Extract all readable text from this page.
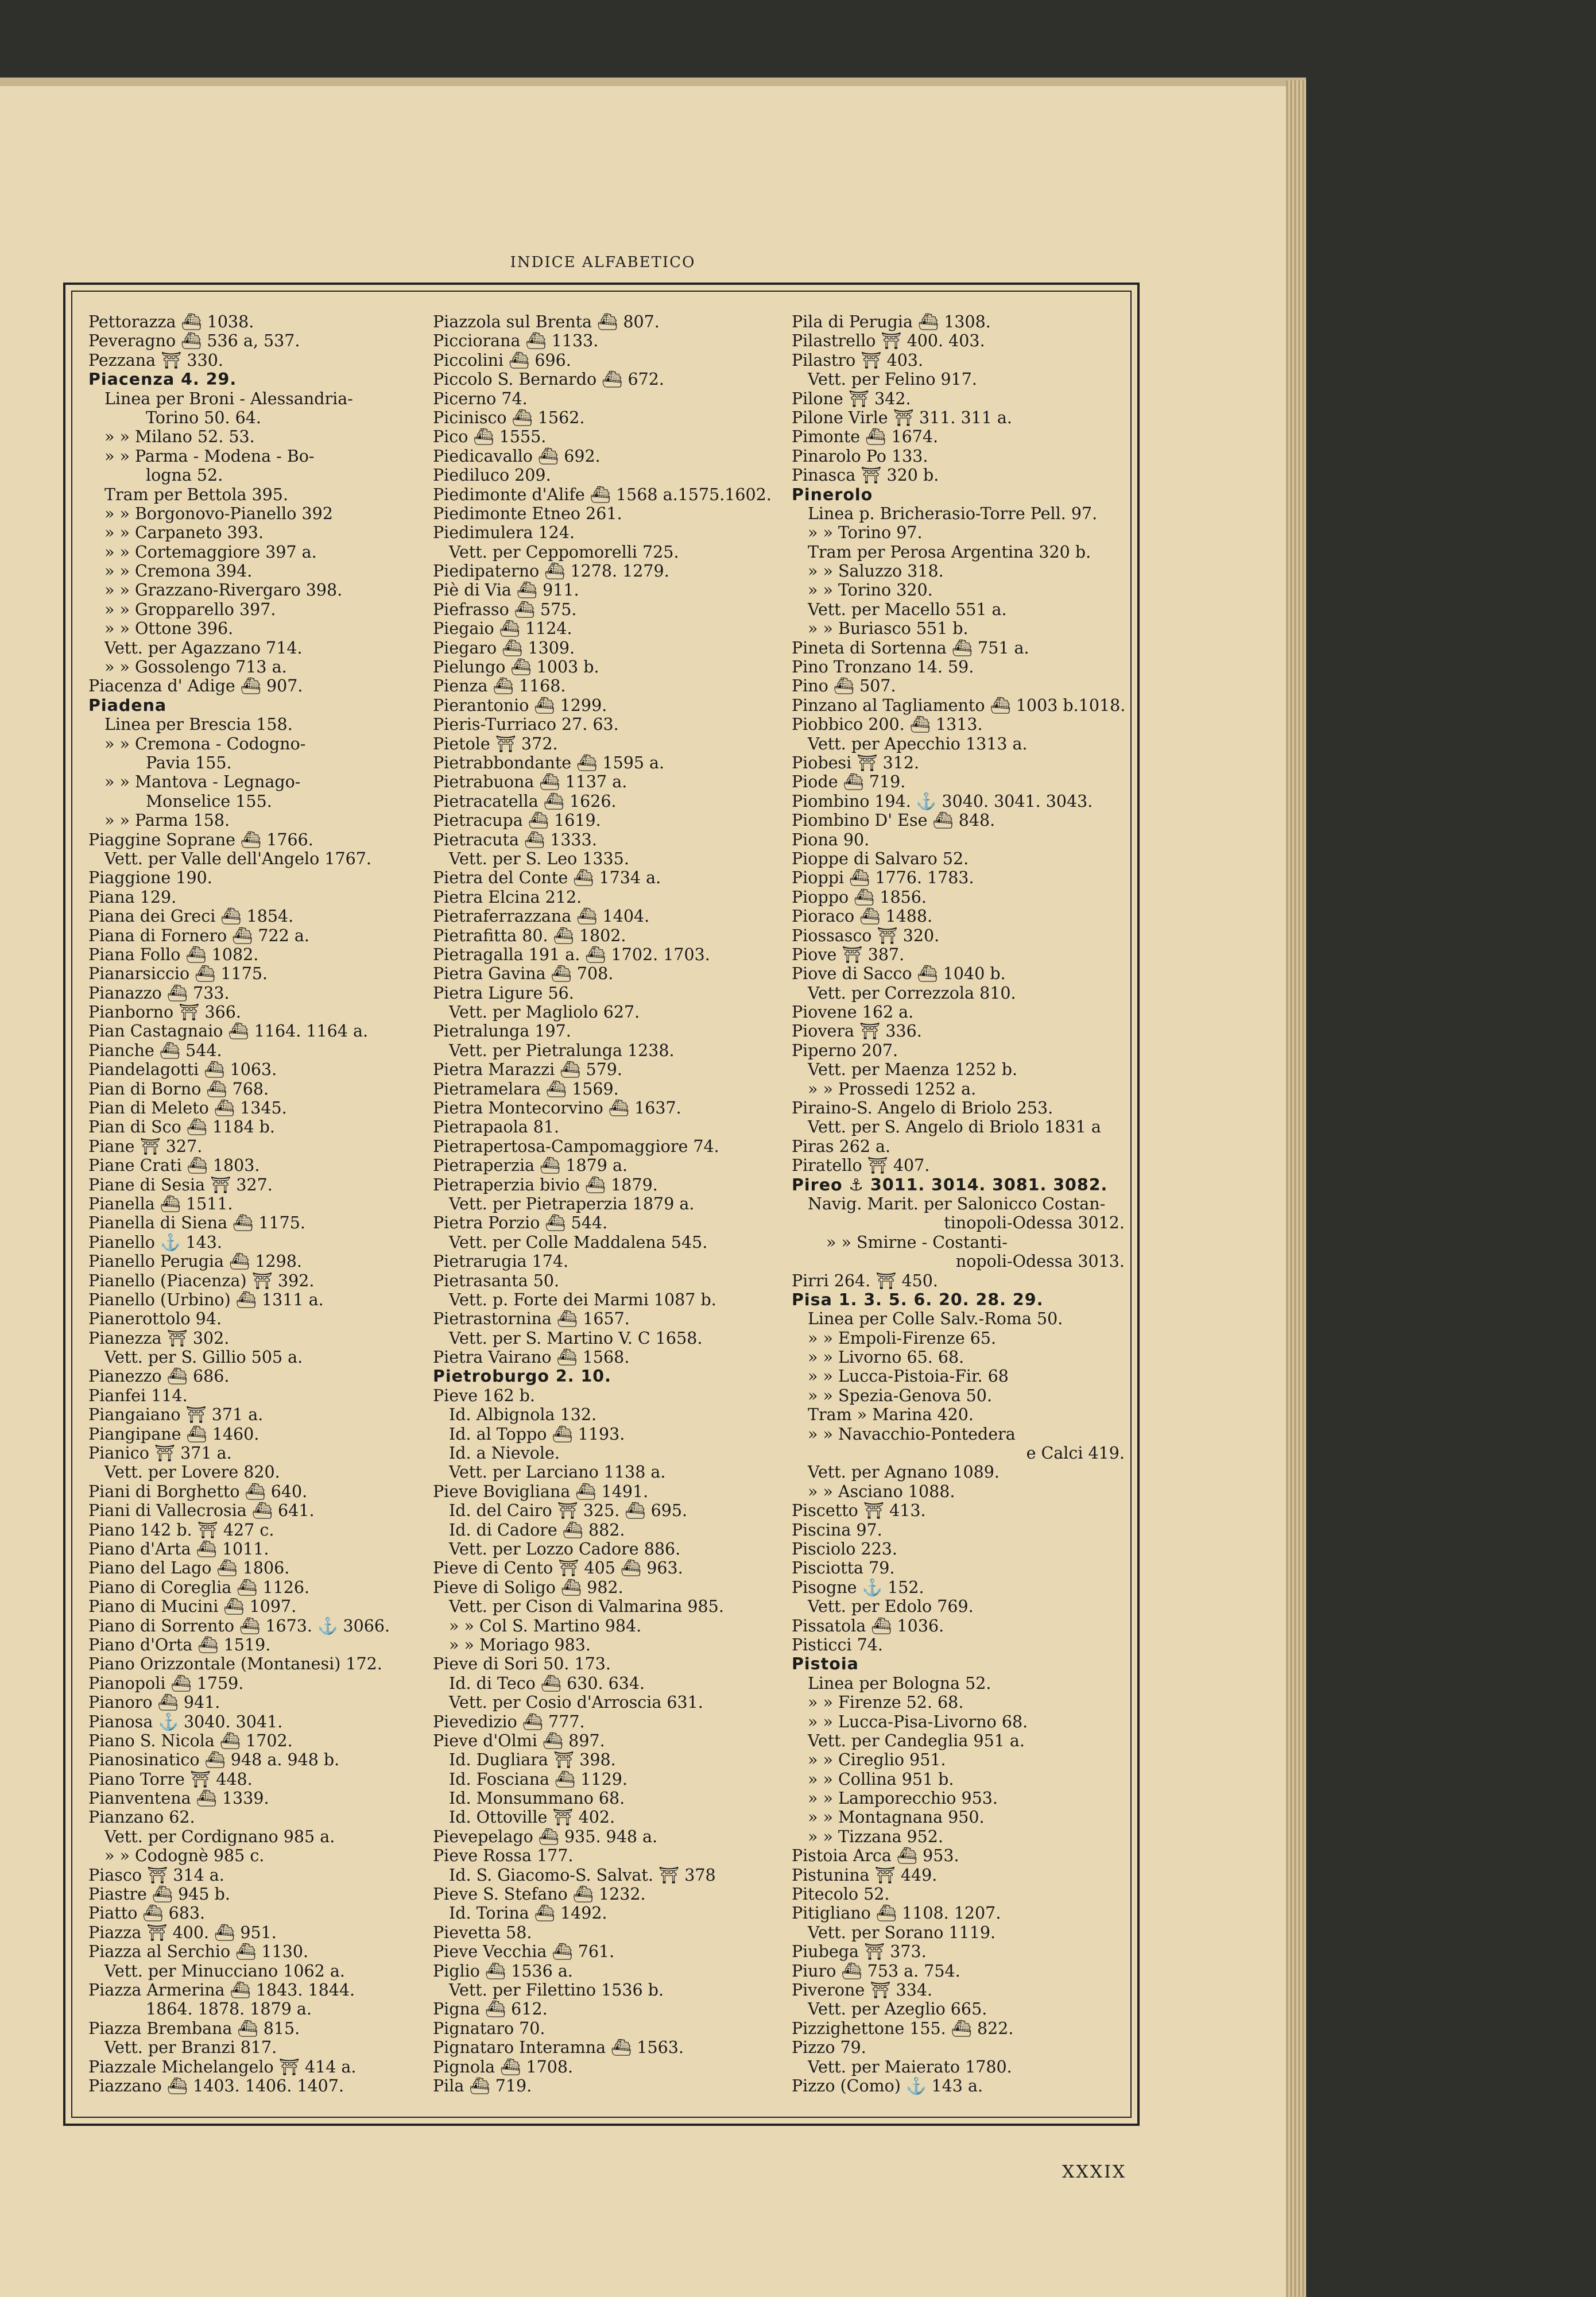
INDICE ALFABETICO
Pettorazza ⛴ 1038.
Peveragno ⛴ 536 a, 537.
Pezzana ⛩ 330.
Piacenza 4. 29.
Linea per Broni - Alessandria-
Torino 50. 64.
» » Milano 52. 53.
» » Parma - Modena - Bo-
logna 52.
Tram per Bettola 395.
» » Borgonovo-Pianello 392
» » Carpaneto 393.
» » Cortemaggiore 397 a.
» » Cremona 394.
» » Grazzano-Rivergaro 398.
» » Gropparello 397.
» » Ottone 396.
Vett. per Agazzano 714.
» » Gossolengo 713 a.
Piacenza d' Adige ⛴ 907.
Piadena
Linea per Brescia 158.
» » Cremona - Codogno-
Pavia 155.
» » Mantova - Legnago-
Monselice 155.
» » Parma 158.
Piaggine Soprane ⛴ 1766.
Vett. per Valle dell'Angelo 1767.
Piaggione 190.
Piana 129.
Piana dei Greci ⛴ 1854.
Piana di Fornero ⛴ 722 a.
Piana Follo ⛴ 1082.
Pianarsiccio ⛴ 1175.
Pianazzo ⛴ 733.
Pianborno ⛩ 366.
Pian Castagnaio ⛴ 1164. 1164 a.
Pianche ⛴ 544.
Piandelagotti ⛴ 1063.
Pian di Borno ⛴ 768.
Pian di Meleto ⛴ 1345.
Pian di Sco ⛴ 1184 b.
Piane ⛩ 327.
Piane Crati ⛴ 1803.
Piane di Sesia ⛩ 327.
Pianella ⛴ 1511.
Pianella di Siena ⛴ 1175.
Pianello ⚓ 143.
Pianello Perugia ⛴ 1298.
Pianello (Piacenza) ⛩ 392.
Pianello (Urbino) ⛴ 1311 a.
Pianerottolo 94.
Pianezza ⛩ 302.
Vett. per S. Gillio 505 a.
Pianezzo ⛴ 686.
Pianfei 114.
Piangaiano ⛩ 371 a.
Piangipane ⛴ 1460.
Pianico ⛩ 371 a.
Vett. per Lovere 820.
Piani di Borghetto ⛴ 640.
Piani di Vallecrosia ⛴ 641.
Piano 142 b. ⛩ 427 c.
Piano d'Arta ⛴ 1011.
Piano del Lago ⛴ 1806.
Piano di Coreglia ⛴ 1126.
Piano di Mucini ⛴ 1097.
Piano di Sorrento ⛴ 1673. ⚓ 3066.
Piano d'Orta ⛴ 1519.
Piano Orizzontale (Montanesi) 172.
Pianopoli ⛴ 1759.
Pianoro ⛴ 941.
Pianosa ⚓ 3040. 3041.
Piano S. Nicola ⛴ 1702.
Pianosinatico ⛴ 948 a. 948 b.
Piano Torre ⛩ 448.
Pianventena ⛴ 1339.
Pianzano 62.
Vett. per Cordignano 985 a.
» » Codognè 985 c.
Piasco ⛩ 314 a.
Piastre ⛴ 945 b.
Piatto ⛴ 683.
Piazza ⛩ 400. ⛴ 951.
Piazza al Serchio ⛴ 1130.
Vett. per Minucciano 1062 a.
Piazza Armerina ⛴ 1843. 1844.
1864. 1878. 1879 a.
Piazza Brembana ⛴ 815.
Vett. per Branzi 817.
Piazzale Michelangelo ⛩ 414 a.
Piazzano ⛴ 1403. 1406. 1407.
Piazzola sul Brenta ⛴ 807.
Picciorana ⛴ 1133.
Piccolini ⛴ 696.
Piccolo S. Bernardo ⛴ 672.
Picerno 74.
Picinisco ⛴ 1562.
Pico ⛴ 1555.
Piedicavallo ⛴ 692.
Piediluco 209.
Piedimonte d'Alife ⛴ 1568 a.1575.1602.
Piedimonte Etneo 261.
Piedimulera 124.
Vett. per Ceppomorelli 725.
Piedipaterno ⛴ 1278. 1279.
Piè di Via ⛴ 911.
Piefrasso ⛴ 575.
Piegaio ⛴ 1124.
Piegaro ⛴ 1309.
Pielungo ⛴ 1003 b.
Pienza ⛴ 1168.
Pierantonio ⛴ 1299.
Pieris-Turriaco 27. 63.
Pietole ⛩ 372.
Pietrabbondante ⛴ 1595 a.
Pietrabuona ⛴ 1137 a.
Pietracatella ⛴ 1626.
Pietracupa ⛴ 1619.
Pietracuta ⛴ 1333.
Vett. per S. Leo 1335.
Pietra del Conte ⛴ 1734 a.
Pietra Elcina 212.
Pietraferrazzana ⛴ 1404.
Pietrafitta 80. ⛴ 1802.
Pietragalla 191 a. ⛴ 1702. 1703.
Pietra Gavina ⛴ 708.
Pietra Ligure 56.
Vett. per Magliolo 627.
Pietralunga 197.
Vett. per Pietralunga 1238.
Pietra Marazzi ⛴ 579.
Pietramelara ⛴ 1569.
Pietra Montecorvino ⛴ 1637.
Pietrapaola 81.
Pietrapertosa-Campomaggiore 74.
Pietraperzia ⛴ 1879 a.
Pietraperzia bivio ⛴ 1879.
Vett. per Pietraperzia 1879 a.
Pietra Porzio ⛴ 544.
Vett. per Colle Maddalena 545.
Pietrarugia 174.
Pietrasanta 50.
Vett. p. Forte dei Marmi 1087 b.
Pietrastornina ⛴ 1657.
Vett. per S. Martino V. C 1658.
Pietra Vairano ⛴ 1568.
Pietroburgo 2. 10.
Pieve 162 b.
Id. Albignola 132.
Id. al Toppo ⛴ 1193.
Id. a Nievole.
Vett. per Larciano 1138 a.
Pieve Bovigliana ⛴ 1491.
Id. del Cairo ⛩ 325. ⛴ 695.
Id. di Cadore ⛴ 882.
Vett. per Lozzo Cadore 886.
Pieve di Cento ⛩ 405 ⛴ 963.
Pieve di Soligo ⛴ 982.
Vett. per Cison di Valmarina 985.
» » Col S. Martino 984.
» » Moriago 983.
Pieve di Sori 50. 173.
Id. di Teco ⛴ 630. 634.
Vett. per Cosio d'Arroscia 631.
Pievedizio ⛴ 777.
Pieve d'Olmi ⛴ 897.
Id. Dugliara ⛩ 398.
Id. Fosciana ⛴ 1129.
Id. Monsummano 68.
Id. Ottoville ⛩ 402.
Pievepelago ⛴ 935. 948 a.
Pieve Rossa 177.
Id. S. Giacomo-S. Salvat. ⛩ 378
Pieve S. Stefano ⛴ 1232.
Id. Torina ⛴ 1492.
Pievetta 58.
Pieve Vecchia ⛴ 761.
Piglio ⛴ 1536 a.
Vett. per Filettino 1536 b.
Pigna ⛴ 612.
Pignataro 70.
Pignataro Interamna ⛴ 1563.
Pignola ⛴ 1708.
Pila ⛴ 719.
Pila di Perugia ⛴ 1308.
Pilastrello ⛩ 400. 403.
Pilastro ⛩ 403.
Vett. per Felino 917.
Pilone ⛩ 342.
Pilone Virle ⛩ 311. 311 a.
Pimonte ⛴ 1674.
Pinarolo Po 133.
Pinasca ⛩ 320 b.
Pinerolo
Linea p. Bricherasio-Torre Pell. 97.
» » Torino 97.
Tram per Perosa Argentina 320 b.
» » Saluzzo 318.
» » Torino 320.
Vett. per Macello 551 a.
» » Buriasco 551 b.
Pineta di Sortenna ⛴ 751 a.
Pino Tronzano 14. 59.
Pino ⛴ 507.
Pinzano al Tagliamento ⛴ 1003 b.1018.
Piobbico 200. ⛴ 1313.
Vett. per Apecchio 1313 a.
Piobesi ⛩ 312.
Piode ⛴ 719.
Piombino 194. ⚓ 3040. 3041. 3043.
Piombino D' Ese ⛴ 848.
Piona 90.
Pioppe di Salvaro 52.
Pioppi ⛴ 1776. 1783.
Pioppo ⛴ 1856.
Pioraco ⛴ 1488.
Piossasco ⛩ 320.
Piove ⛩ 387.
Piove di Sacco ⛴ 1040 b.
Vett. per Correzzola 810.
Piovene 162 a.
Piovera ⛩ 336.
Piperno 207.
Vett. per Maenza 1252 b.
» » Prossedi 1252 a.
Piraino-S. Angelo di Briolo 253.
Vett. per S. Angelo di Briolo 1831 a
Piras 262 a.
Piratello ⛩ 407.
Pireo ⚓ 3011. 3014. 3081. 3082.
Navig. Marit. per Salonicco Costan-
tinopoli-Odessa 3012.
» » Smirne - Costanti-
nopoli-Odessa 3013.
Pirri 264. ⛩ 450.
Pisa 1. 3. 5. 6. 20. 28. 29.
Linea per Colle Salv.-Roma 50.
» » Empoli-Firenze 65.
» » Livorno 65. 68.
» » Lucca-Pistoia-Fir. 68
» » Spezia-Genova 50.
Tram » Marina 420.
» » Navacchio-Pontedera
e Calci 419.
Vett. per Agnano 1089.
» » Asciano 1088.
Piscetto ⛩ 413.
Piscina 97.
Pisciolo 223.
Pisciotta 79.
Pisogne ⚓ 152.
Vett. per Edolo 769.
Pissatola ⛴ 1036.
Pisticci 74.
Pistoia
Linea per Bologna 52.
» » Firenze 52. 68.
» » Lucca-Pisa-Livorno 68.
Vett. per Candeglia 951 a.
» » Cireglio 951.
» » Collina 951 b.
» » Lamporecchio 953.
» » Montagnana 950.
» » Tizzana 952.
Pistoia Arca ⛴ 953.
Pistunina ⛩ 449.
Pitecolo 52.
Pitigliano ⛴ 1108. 1207.
Vett. per Sorano 1119.
Piubega ⛩ 373.
Piuro ⛴ 753 a. 754.
Piverone ⛩ 334.
Vett. per Azeglio 665.
Pizzighettone 155. ⛴ 822.
Pizzo 79.
Vett. per Maierato 1780.
Pizzo (Como) ⚓ 143 a.
XXXIX
